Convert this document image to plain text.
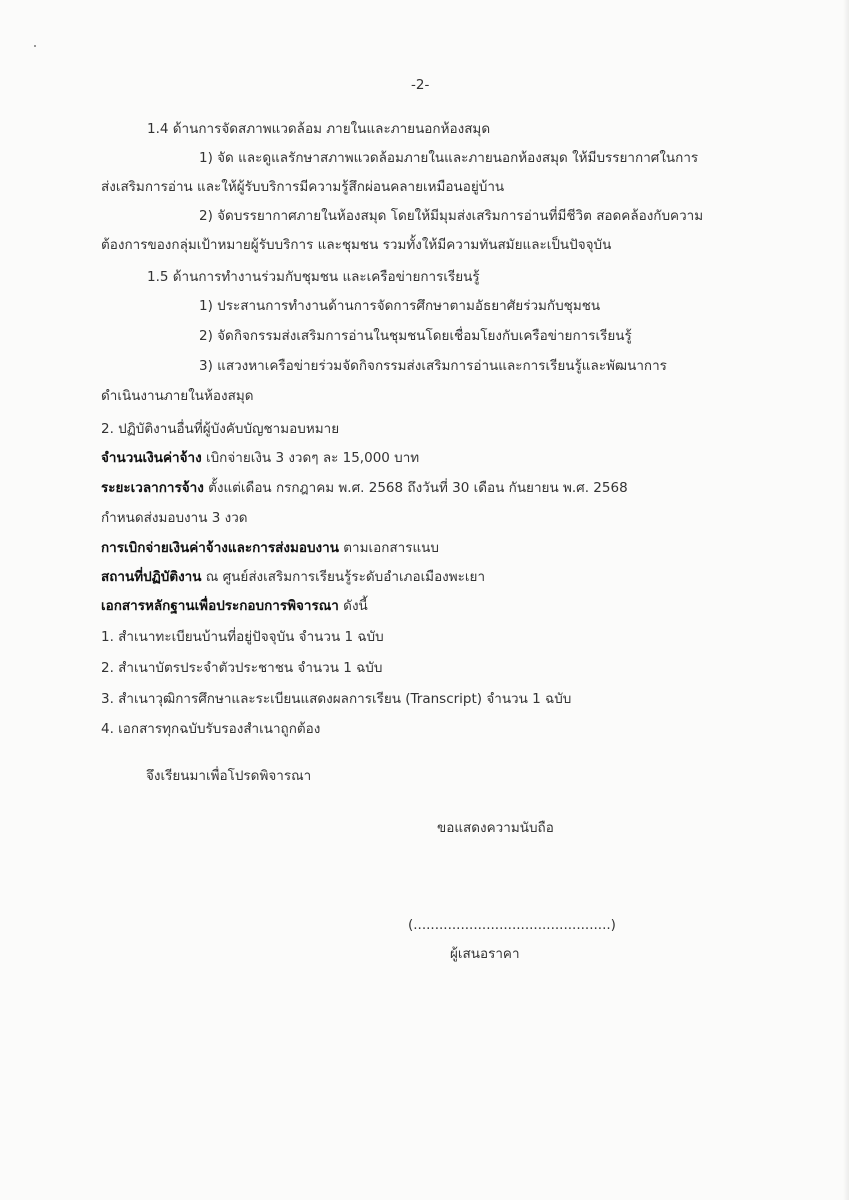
-2-
1.4 ด้านการจัดสภาพแวดล้อม ภายในและภายนอกห้องสมุด
1) จัด และดูแลรักษาสภาพแวดล้อมภายในและภายนอกห้องสมุด ให้มีบรรยากาศในการ
ส่งเสริมการอ่าน และให้ผู้รับบริการมีความรู้สึกผ่อนคลายเหมือนอยู่บ้าน
2) จัดบรรยากาศภายในห้องสมุด โดยให้มีมุมส่งเสริมการอ่านที่มีชีวิต สอดคล้องกับความ
ต้องการของกลุ่มเป้าหมายผู้รับบริการ และชุมชน รวมทั้งให้มีความทันสมัยและเป็นปัจจุบัน
1.5 ด้านการทำงานร่วมกับชุมชน และเครือข่ายการเรียนรู้
1) ประสานการทำงานด้านการจัดการศึกษาตามอัธยาศัยร่วมกับชุมชน
2) จัดกิจกรรมส่งเสริมการอ่านในชุมชนโดยเชื่อมโยงกับเครือข่ายการเรียนรู้
3) แสวงหาเครือข่ายร่วมจัดกิจกรรมส่งเสริมการอ่านและการเรียนรู้และพัฒนาการ
ดำเนินงานภายในห้องสมุด
2. ปฏิบัติงานอื่นที่ผู้บังคับบัญชามอบหมาย
จำนวนเงินค่าจ้าง เบิกจ่ายเงิน 3 งวดๆ ละ 15,000 บาท
ระยะเวลาการจ้าง ตั้งแต่เดือน กรกฎาคม พ.ศ. 2568 ถึงวันที่ 30 เดือน กันยายน พ.ศ. 2568
กำหนดส่งมอบงาน 3 งวด
การเบิกจ่ายเงินค่าจ้างและการส่งมอบงาน ตามเอกสารแนบ
สถานที่ปฏิบัติงาน ณ ศูนย์ส่งเสริมการเรียนรู้ระดับอำเภอเมืองพะเยา
เอกสารหลักฐานเพื่อประกอบการพิจารณา ดังนี้
1. สำเนาทะเบียนบ้านที่อยู่ปัจจุบัน จำนวน 1 ฉบับ
2. สำเนาบัตรประจำตัวประชาชน จำนวน 1 ฉบับ
3. สำเนาวุฒิการศึกษาและระเบียนแสดงผลการเรียน (Transcript) จำนวน 1 ฉบับ
4. เอกสารทุกฉบับรับรองสำเนาถูกต้อง
จึงเรียนมาเพื่อโปรดพิจารณา
ขอแสดงความนับถือ
(..............................................)
ผู้เสนอราคา
